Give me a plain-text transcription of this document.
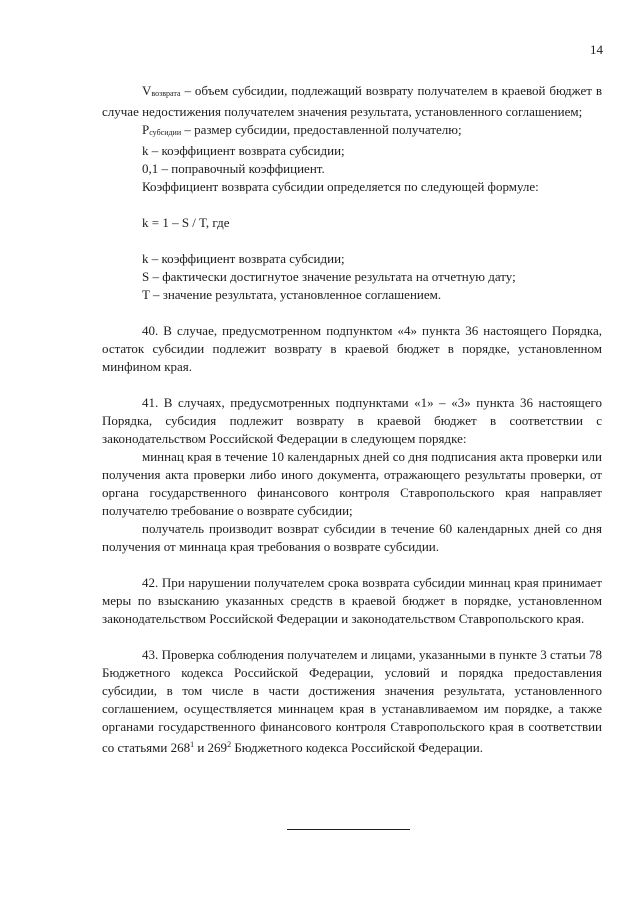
14

Vвозврата – объем субсидии, подлежащий возврату получателем в краевой бюджет в случае недостижения получателем значения результата, установленного соглашением;

Pсубсидии – размер субсидии, предоставленной получателю;

k – коэффициент возврата субсидии;

0,1 – поправочный коэффициент.

Коэффициент возврата субсидии определяется по следующей формуле:

k = 1 – S / T, где

k – коэффициент возврата субсидии;

S – фактически достигнутое значение результата на отчетную дату;

T – значение результата, установленное соглашением.

40. В случае, предусмотренном подпунктом «4» пункта 36 настоящего Порядка, остаток субсидии подлежит возврату в краевой бюджет в порядке, установленном минфином края.

41. В случаях, предусмотренных подпунктами «1» – «3» пункта 36 настоящего Порядка, субсидия подлежит возврату в краевой бюджет в соответствии с законодательством Российской Федерации в следующем порядке:

миннац края в течение 10 календарных дней со дня подписания акта проверки или получения акта проверки либо иного документа, отражающего результаты проверки, от органа государственного финансового контроля Ставропольского края направляет получателю требование о возврате субсидии;

получатель производит возврат субсидии в течение 60 календарных дней со дня получения от миннаца края требования о возврате субсидии.

42. При нарушении получателем срока возврата субсидии миннац края принимает меры по взысканию указанных средств в краевой бюджет в порядке, установленном законодательством Российской Федерации и законодательством Ставропольского края.

43. Проверка соблюдения получателем и лицами, указанными в пункте 3 статьи 78 Бюджетного кодекса Российской Федерации, условий и порядка предоставления субсидии, в том числе в части достижения значения результата, установленного соглашением, осуществляется миннацем края в устанавливаемом им порядке, а также органами государственного финансового контроля Ставропольского края в соответствии со статьями $268^1$ и $269^2$ Бюджетного кодекса Российской Федерации.
